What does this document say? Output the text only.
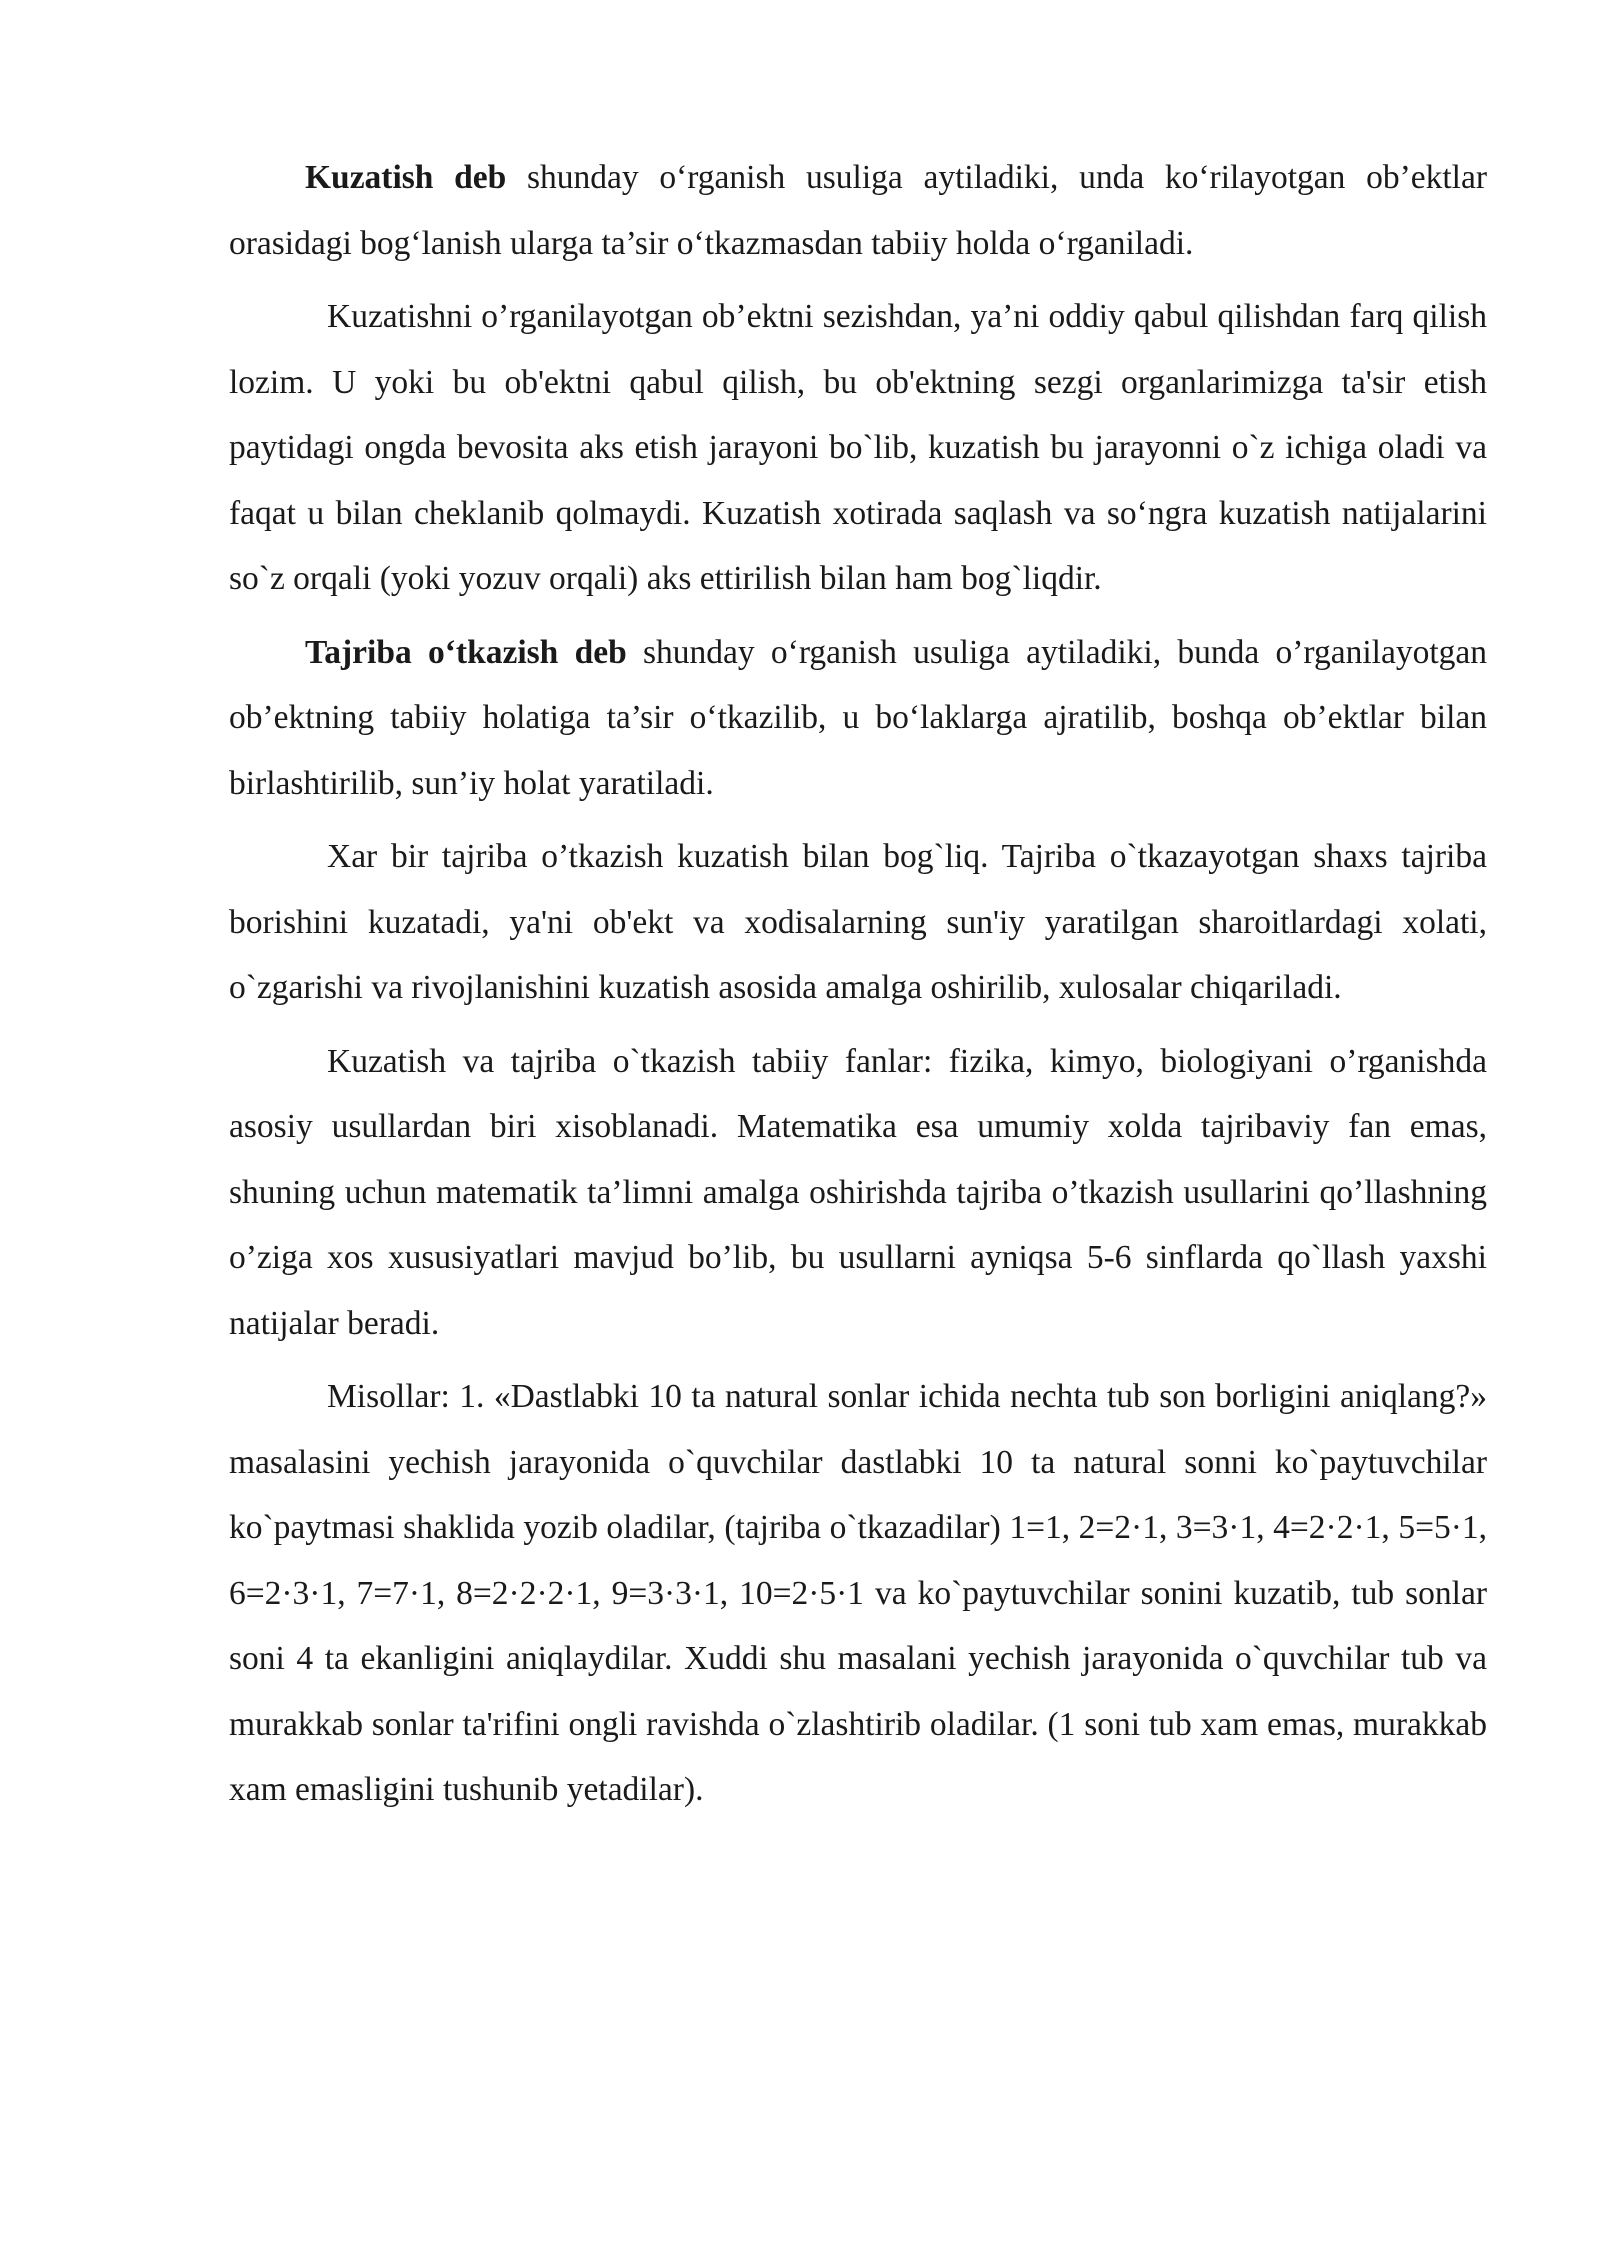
Kuzatish deb shunday o‘rganish usuliga aytiladiki, unda ko‘rilayotgan ob’ektlar orasidagi bog‘lanish ularga ta’sir o‘tkazmasdan tabiiy holda o‘rganiladi.

Kuzatishni o’rganilayotgan ob’ektni sezishdan, ya’ni oddiy qabul qilishdan farq qilish lozim. U yoki bu ob'ektni qabul qilish, bu ob'ektning sezgi organlarimizga ta'sir etish paytidagi ongda bevosita aks etish jarayoni bo`lib, kuzatish bu jarayonni o`z ichiga oladi va faqat u bilan cheklanib qolmaydi. Kuzatish xotirada saqlash va so‘ngra kuzatish natijalarini so`z orqali (yoki yozuv orqali) aks ettirilish bilan ham bog`liqdir.

Tajriba o‘tkazish deb shunday o‘rganish usuliga aytiladiki, bunda o’rganilayotgan ob’ektning tabiiy holatiga ta’sir o‘tkazilib, u bo‘laklarga ajratilib, boshqa ob’ektlar bilan birlashtirilib, sun’iy holat yaratiladi.

Xar bir tajriba o’tkazish kuzatish bilan bog`liq. Tajriba o`tkazayotgan shaxs tajriba borishini kuzatadi, ya'ni ob'ekt va xodisalarning sun'iy yaratilgan sharoitlardagi xolati, o`zgarishi va rivojlanishini kuzatish asosida amalga oshirilib, xulosalar chiqariladi.

Kuzatish va tajriba o`tkazish tabiiy fanlar: fizika, kimyo, biologiyani o’rganishda asosiy usullardan biri xisoblanadi. Matematika esa umumiy xolda tajribaviy fan emas, shuning uchun matematik ta’limni amalga oshirishda tajriba o’tkazish usullarini qo’llashning o’ziga xos xususiyatlari mavjud bo’lib, bu usullarni ayniqsa 5-6 sinflarda qo`llash yaxshi natijalar beradi.

Misollar: 1. «Dastlabki 10 ta natural sonlar ichida nechta tub son borligini aniqlang?» masalasini yechish jarayonida o`quvchilar dastlabki 10 ta natural sonni ko`paytuvchilar ko`paytmasi shaklida yozib oladilar, (tajriba o`tkazadilar) 1=1, 2=2·1, 3=3·1, 4=2·2·1, 5=5·1, 6=2·3·1, 7=7·1, 8=2·2·2·1, 9=3·3·1, 10=2·5·1 va ko`paytuvchilar sonini kuzatib, tub sonlar soni 4 ta ekanligini aniqlaydilar. Xuddi shu masalani yechish jarayonida o`quvchilar tub va murakkab sonlar ta'rifini ongli ravishda o`zlashtirib oladilar. (1 soni tub xam emas, murakkab xam emasligini tushunib yetadilar).
